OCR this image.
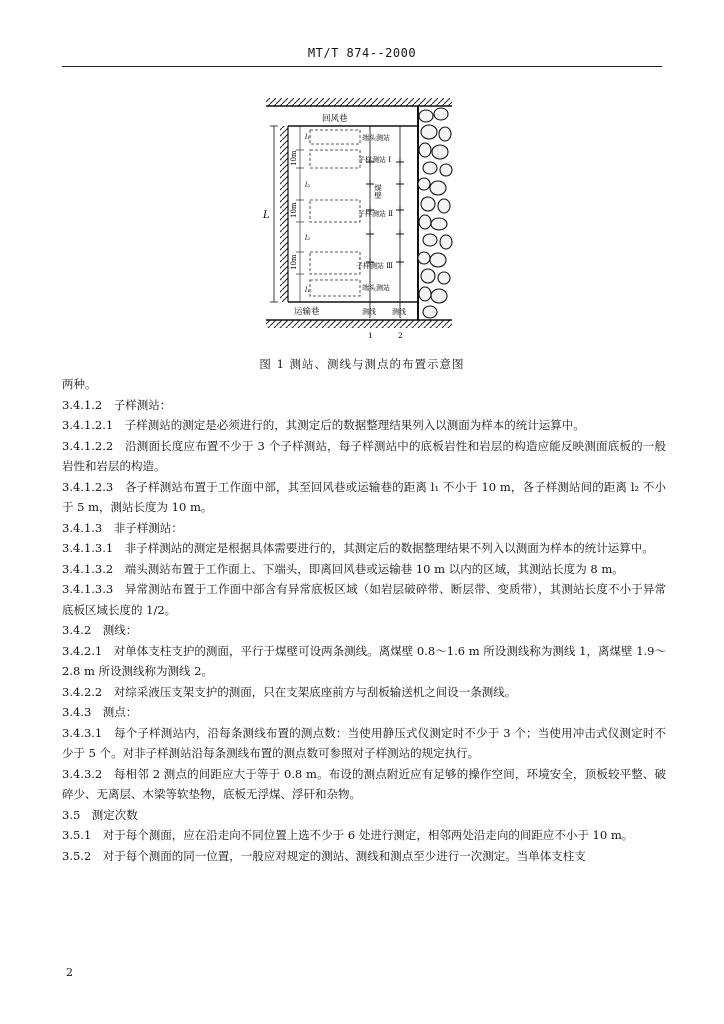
MT/T 874--2000
回风巷
运输巷
L
l₁
10m
l₂
10m
l₂
10m
l₁
煤壁
端头测站
子样测站 Ⅰ
子样测站 Ⅱ
子样测站 Ⅲ
端头测站
测线 测线
1	2
图 1 测站、测线与测点的布置示意图

两种。

3.4.1.2　子样测站：

3.4.1.2.1　子样测站的测定是必须进行的，其测定后的数据整理结果列入以测面为样本的统计运算中。

3.4.1.2.2　沿测面长度应布置不少于 3 个子样测站，每子样测站中的底板岩性和岩层的构造应能反映测面底板的一般岩性和岩层的构造。

3.4.1.2.3　各子样测站布置于工作面中部，其至回风巷或运输巷的距离 l₁ 不小于 10 m，各子样测站间的距离 l₂ 不小于 5 m，测站长度为 10 m。

3.4.1.3　非子样测站：

3.4.1.3.1　非子样测站的测定是根据具体需要进行的，其测定后的数据整理结果不列入以测面为样本的统计运算中。

3.4.1.3.2　端头测站布置于工作面上、下端头，即离回风巷或运输巷 10 m 以内的区域，其测站长度为 8 m。

3.4.1.3.3　异常测站布置于工作面中部含有异常底板区域（如岩层破碎带、断层带、变质带），其测站长度不小于异常底板区域长度的 1/2。

3.4.2　测线：

3.4.2.1　对单体支柱支护的测面，平行于煤壁可设两条测线。离煤壁 0.8～1.6 m 所设测线称为测线 1，离煤壁 1.9～2.8 m 所设测线称为测线 2。

3.4.2.2　对综采液压支架支护的测面，只在支架底座前方与刮板输送机之间设一条测线。

3.4.3　测点：

3.4.3.1　每个子样测站内，沿每条测线布置的测点数：当使用静压式仪测定时不少于 3 个；当使用冲击式仪测定时不少于 5 个。对非子样测站沿每条测线布置的测点数可参照对子样测站的规定执行。

3.4.3.2　每相邻 2 测点的间距应大于等于 0.8 m。布设的测点附近应有足够的操作空间，环境安全，顶板较平整、破碎少、无离层、木梁等软垫物，底板无浮煤、浮矸和杂物。

3.5　测定次数

3.5.1　对于每个测面，应在沿走向不同位置上选不少于 6 处进行测定，相邻两处沿走向的间距应不小于 10 m。

3.5.2　对于每个测面的同一位置，一般应对规定的测站、测线和测点至少进行一次测定。当单体支柱支

2
